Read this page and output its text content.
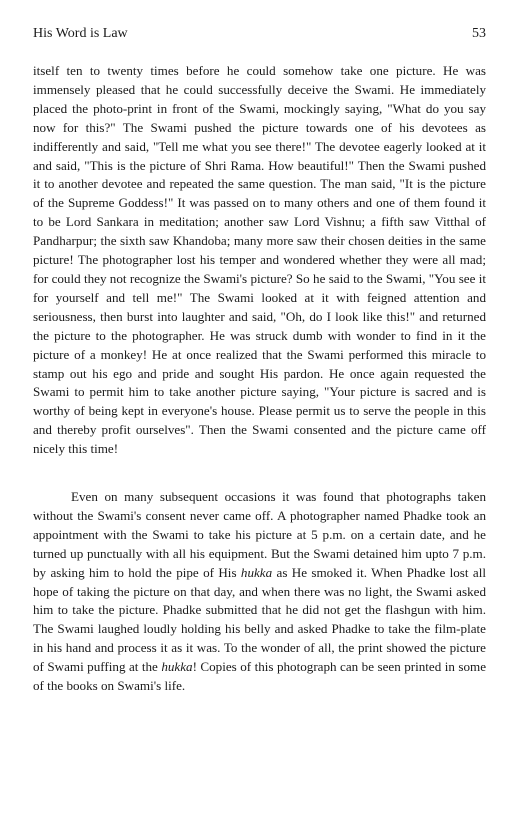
His Word is Law	53

itself ten to twenty times before he could somehow take one picture. He was immensely pleased that he could successfully deceive the Swami. He immediately placed the photo-print in front of the Swami, mockingly saying, "What do you say now for this?" The Swami pushed the picture towards one of his devotees as indifferently and said, "Tell me what you see there!" The devotee eagerly looked at it and said, "This is the picture of Shri Rama. How beautiful!" Then the Swami pushed it to another devotee and repeated the same question. The man said, "It is the picture of the Supreme Goddess!" It was passed on to many others and one of them found it to be Lord Sankara in meditation; another saw Lord Vishnu; a fifth saw Vitthal of Pandharpur; the sixth saw Khandoba; many more saw their chosen deities in the same picture! The photographer lost his temper and wondered whether they were all mad; for could they not recognize the Swami's picture? So he said to the Swami, "You see it for yourself and tell me!" The Swami looked at it with feigned attention and seriousness, then burst into laughter and said, "Oh, do I look like this!" and returned the picture to the photographer. He was struck dumb with wonder to find in it the picture of a monkey! He at once realized that the Swami performed this miracle to stamp out his ego and pride and sought His pardon. He once again requested the Swami to permit him to take another picture saying, "Your picture is sacred and is worthy of being kept in everyone's house. Please permit us to serve the people in this and thereby profit ourselves". Then the Swami consented and the picture came off nicely this time!

Even on many subsequent occasions it was found that photographs taken without the Swami's consent never came off. A photographer named Phadke took an appointment with the Swami to take his picture at 5 p.m. on a certain date, and he turned up punctually with all his equipment. But the Swami detained him upto 7 p.m. by asking him to hold the pipe of His hukka as He smoked it. When Phadke lost all hope of taking the picture on that day, and when there was no light, the Swami asked him to take the picture. Phadke submitted that he did not get the flashgun with him. The Swami laughed loudly holding his belly and asked Phadke to take the film-plate in his hand and process it as it was. To the wonder of all, the print showed the picture of Swami puffing at the hukka! Copies of this photograph can be seen printed in some of the books on Swami's life.
